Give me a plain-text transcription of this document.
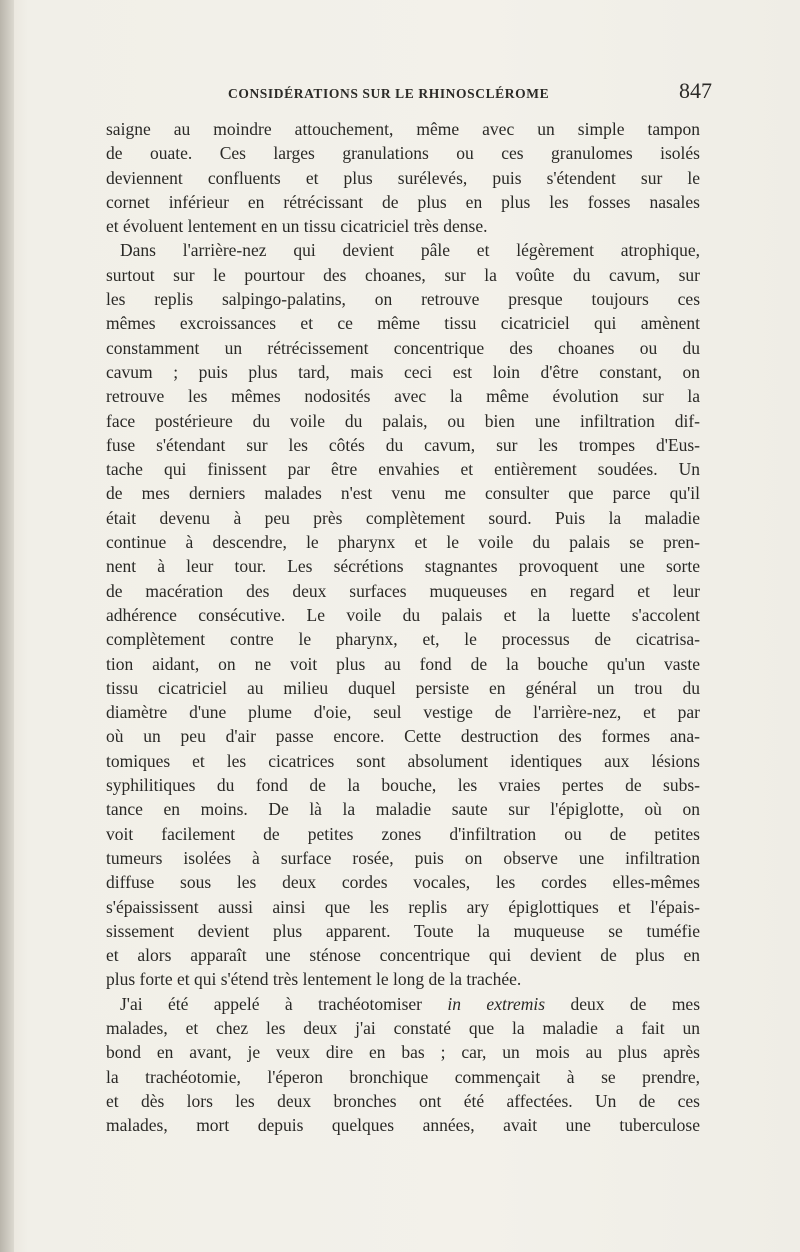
CONSIDÉRATIONS SUR LE RHINOSCLÉROME	847

saigne au moindre attouchement, même avec un simple tampon
de ouate. Ces larges granulations ou ces granulomes isolés
deviennent confluents et plus surélevés, puis s'étendent sur le
cornet inférieur en rétrécissant de plus en plus les fosses nasales
et évoluent lentement en un tissu cicatriciel très dense.

Dans l'arrière-nez qui devient pâle et légèrement atrophique,
surtout sur le pourtour des choanes, sur la voûte du cavum, sur
les replis salpingo-palatins, on retrouve presque toujours ces
mêmes excroissances et ce même tissu cicatriciel qui amènent
constamment un rétrécissement concentrique des choanes ou du
cavum ; puis plus tard, mais ceci est loin d'être constant, on
retrouve les mêmes nodosités avec la même évolution sur la
face postérieure du voile du palais, ou bien une infiltration dif-
fuse s'étendant sur les côtés du cavum, sur les trompes d'Eus-
tache qui finissent par être envahies et entièrement soudées. Un
de mes derniers malades n'est venu me consulter que parce qu'il
était devenu à peu près complètement sourd. Puis la maladie
continue à descendre, le pharynx et le voile du palais se pren-
nent à leur tour. Les sécrétions stagnantes provoquent une sorte
de macération des deux surfaces muqueuses en regard et leur
adhérence consécutive. Le voile du palais et la luette s'accolent
complètement contre le pharynx, et, le processus de cicatrisa-
tion aidant, on ne voit plus au fond de la bouche qu'un vaste
tissu cicatriciel au milieu duquel persiste en général un trou du
diamètre d'une plume d'oie, seul vestige de l'arrière-nez, et par
où un peu d'air passe encore. Cette destruction des formes ana-
tomiques et les cicatrices sont absolument identiques aux lésions
syphilitiques du fond de la bouche, les vraies pertes de subs-
tance en moins. De là la maladie saute sur l'épiglotte, où on
voit facilement de petites zones d'infiltration ou de petites
tumeurs isolées à surface rosée, puis on observe une infiltration
diffuse sous les deux cordes vocales, les cordes elles-mêmes
s'épaississent aussi ainsi que les replis ary épiglottiques et l'épais-
sissement devient plus apparent. Toute la muqueuse se tuméfie
et alors apparaît une sténose concentrique qui devient de plus en
plus forte et qui s'étend très lentement le long de la trachée.

J'ai été appelé à trachéotomiser in extremis deux de mes
malades, et chez les deux j'ai constaté que la maladie a fait un
bond en avant, je veux dire en bas ; car, un mois au plus après
la trachéotomie, l'éperon bronchique commençait à se prendre,
et dès lors les deux bronches ont été affectées. Un de ces
malades, mort depuis quelques années, avait une tuberculose
